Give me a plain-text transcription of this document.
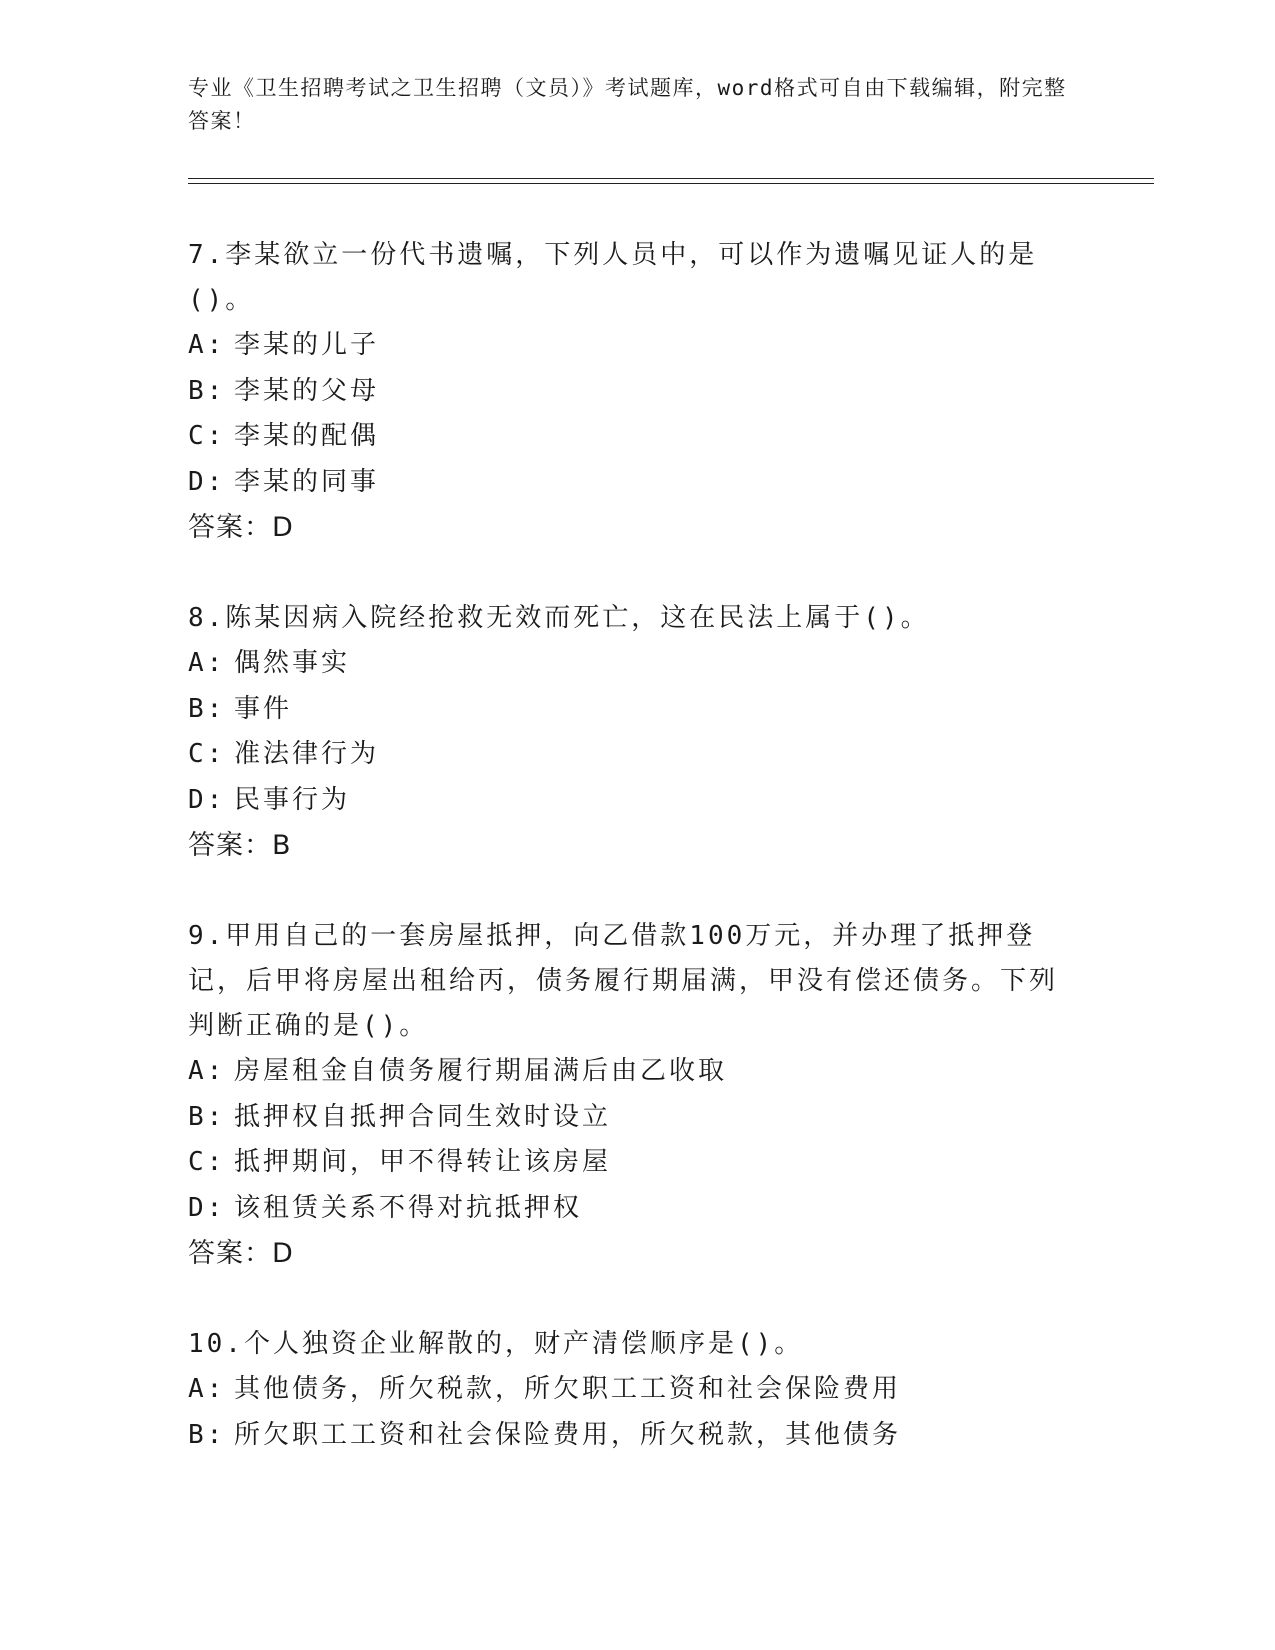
专业《卫生招聘考试之卫生招聘（文员）》考试题库，word格式可自由下载编辑，附完整答案！

7.李某欲立一份代书遗嘱，下列人员中，可以作为遗嘱见证人的是()。

A: 李某的儿子

B: 李某的父母

C: 李某的配偶

D: 李某的同事

答案：D

8.陈某因病入院经抢救无效而死亡，这在民法上属于()。

A: 偶然事实

B: 事件

C: 准法律行为

D: 民事行为

答案：B

9.甲用自己的一套房屋抵押，向乙借款100万元，并办理了抵押登记，后甲将房屋出租给丙，债务履行期届满，甲没有偿还债务。下列判断正确的是()。

A: 房屋租金自债务履行期届满后由乙收取

B: 抵押权自抵押合同生效时设立

C: 抵押期间，甲不得转让该房屋

D: 该租赁关系不得对抗抵押权

答案：D

10.个人独资企业解散的，财产清偿顺序是()。

A: 其他债务，所欠税款，所欠职工工资和社会保险费用

B: 所欠职工工资和社会保险费用，所欠税款，其他债务
